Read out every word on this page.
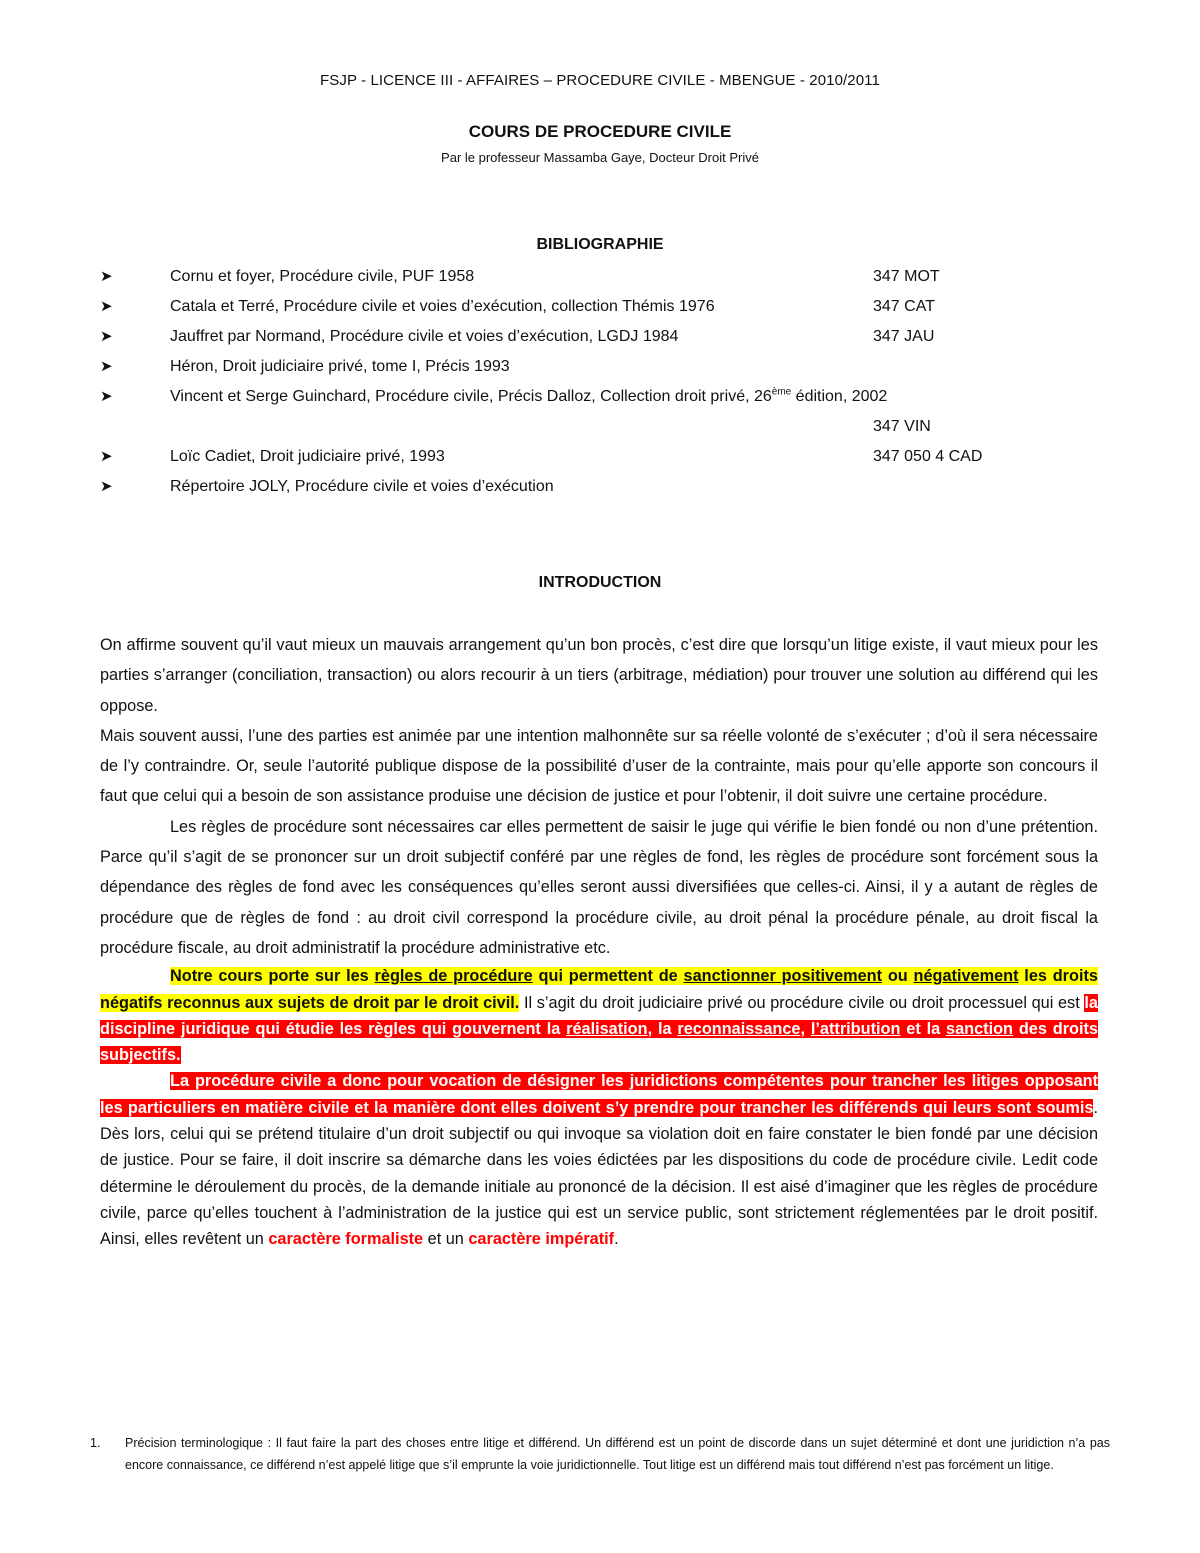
FSJP - LICENCE III - AFFAIRES – PROCEDURE CIVILE - MBENGUE - 2010/2011
COURS DE PROCEDURE CIVILE
Par le professeur Massamba Gaye, Docteur Droit Privé
BIBLIOGRAPHIE
➤	Cornu et foyer, Procédure civile, PUF 1958	347 MOT
➤	Catala et Terré, Procédure civile et voies d’exécution, collection Thémis 1976	347 CAT
➤	Jauffret par Normand, Procédure civile et voies d’exécution, LGDJ 1984	347 JAU
➤	Héron, Droit judiciaire privé, tome I, Précis 1993
➤	Vincent et Serge Guinchard, Procédure civile, Précis Dalloz, Collection droit privé, 26ème édition, 2002
347 VIN
➤	Loïc Cadiet, Droit judiciaire privé, 1993	347 050 4 CAD
➤	Répertoire JOLY, Procédure civile et voies d’exécution
INTRODUCTION

On affirme souvent qu’il vaut mieux un mauvais arrangement qu’un bon procès, c’est dire que lorsqu’un litige existe, il vaut mieux pour les parties s’arranger (conciliation, transaction) ou alors recourir à un tiers (arbitrage, médiation) pour trouver une solution au différend qui les oppose.

Mais souvent aussi, l’une des parties est animée par une intention malhonnête sur sa réelle volonté de s’exécuter ; d’où il sera nécessaire de l’y contraindre. Or, seule l’autorité publique dispose de la possibilité d’user de la contrainte, mais pour qu’elle apporte son concours il faut que celui qui a besoin de son assistance produise une décision de justice et pour l’obtenir, il doit suivre une certaine procédure.

Les règles de procédure sont nécessaires car elles permettent de saisir le juge qui vérifie le bien fondé ou non d’une prétention. Parce qu’il s’agit de se prononcer sur un droit subjectif conféré par une règles de fond, les règles de procédure sont forcément sous la dépendance des règles de fond avec les conséquences qu’elles seront aussi diversifiées que celles-ci. Ainsi, il y a autant de règles de procédure que de règles de fond : au droit civil correspond la procédure civile, au droit pénal la procédure pénale, au droit fiscal la procédure fiscale, au droit administratif la procédure administrative etc.

Notre cours porte sur les règles de procédure qui permettent de sanctionner positivement ou négativement les droits négatifs reconnus aux sujets de droit par le droit civil. Il s’agit du droit judiciaire privé ou procédure civile ou droit processuel qui est la discipline juridique qui étudie les règles qui gouvernent la réalisation, la reconnaissance, l’attribution et la sanction des droits subjectifs.

La procédure civile a donc pour vocation de désigner les juridictions compétentes pour trancher les litiges opposant les particuliers en matière civile et la manière dont elles doivent s’y prendre pour trancher les différends qui leurs sont soumis. Dès lors, celui qui se prétend titulaire d’un droit subjectif ou qui invoque sa violation doit en faire constater le bien fondé par une décision de justice. Pour se faire, il doit inscrire sa démarche dans les voies édictées par les dispositions du code de procédure civile. Ledit code détermine le déroulement du procès, de la demande initiale au prononcé de la décision. Il est aisé d’imaginer que les règles de procédure civile, parce qu’elles touchent à l’administration de la justice qui est un service public, sont strictement réglementées par le droit positif. Ainsi, elles revêtent un caractère formaliste et un caractère impératif.

1. Précision terminologique : Il faut faire la part des choses entre litige et différend. Un différend est un point de discorde dans un sujet déterminé et dont une juridiction n’a pas encore connaissance, ce différend n’est appelé litige que s’il emprunte la voie juridictionnelle. Tout litige est un différend mais tout différend n’est pas forcément un litige.
